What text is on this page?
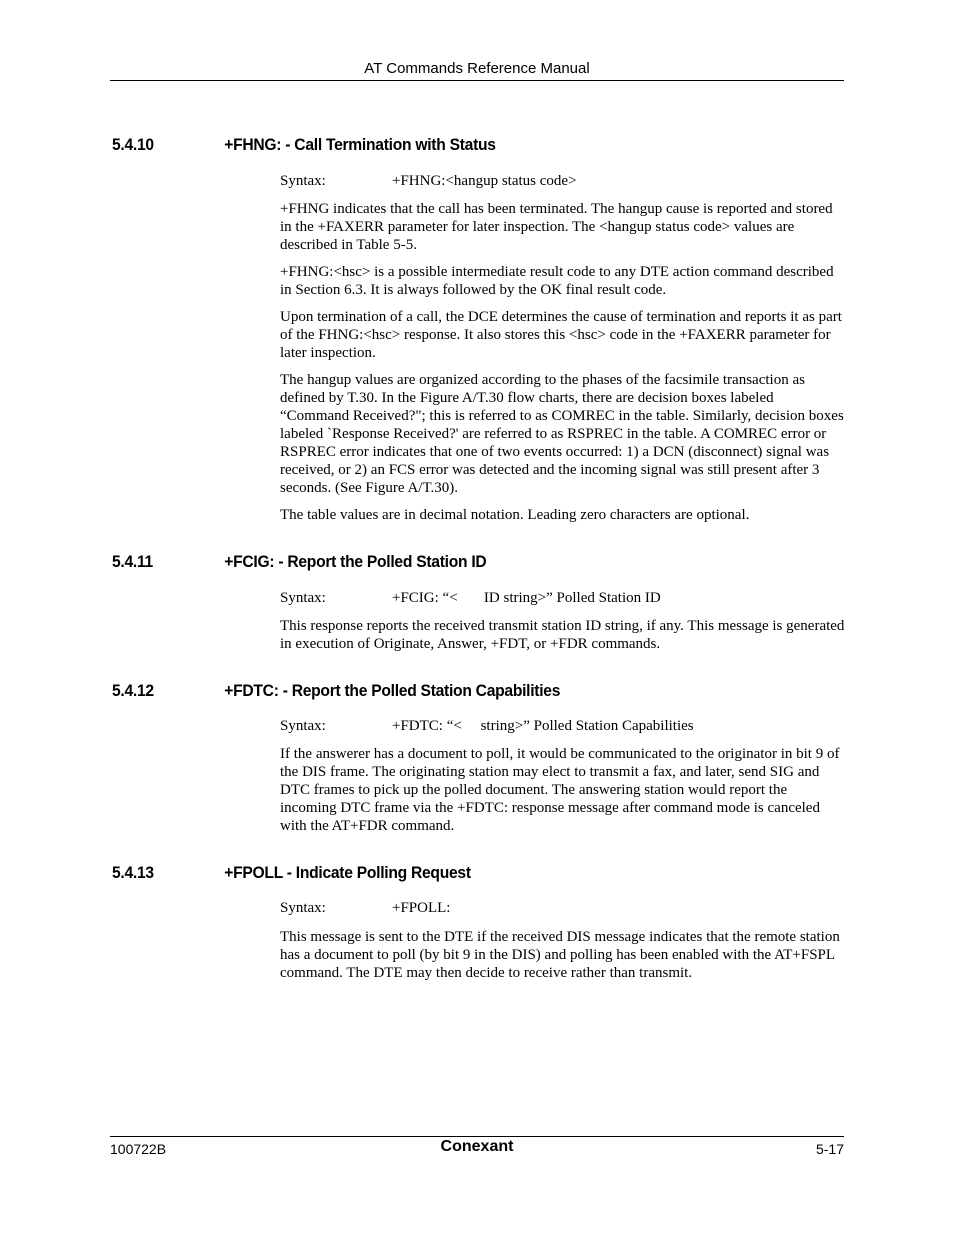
AT Commands Reference Manual
5.4.10	+FHNG: - Call Termination with Status
Syntax:	+FHNG:<hangup status code>
+FHNG indicates that the call has been terminated. The hangup cause is reported and stored in the +FAXERR parameter for later inspection. The <hangup status code> values are described in Table 5-5.
+FHNG:<hsc> is a possible intermediate result code to any DTE action command described in Section 6.3. It is always followed by the OK final result code.
Upon termination of a call, the DCE determines the cause of termination and reports it as part of the FHNG:<hsc> response. It also stores this <hsc> code in the +FAXERR parameter for later inspection.
The hangup values are organized according to the phases of the facsimile transaction as defined by T.30. In the Figure A/T.30 flow charts, there are decision boxes labeled “Command Received?"; this is referred to as COMREC in the table. Similarly, decision boxes labeled `Response Received?' are referred to as RSPREC in the table. A COMREC error or RSPREC error indicates that one of two events occurred: 1) a DCN (disconnect) signal was received, or 2) an FCS error was detected and the incoming signal was still present after 3 seconds. (See Figure A/T.30).
The table values are in decimal notation. Leading zero characters are optional.
5.4.11	+FCIG: - Report the Polled Station ID
Syntax:	+FCIG: “<       ID string>” Polled Station ID
This response reports the received transmit station ID string, if any. This message is generated in execution of Originate, Answer, +FDT, or +FDR commands.
5.4.12	+FDTC: - Report the Polled Station Capabilities
Syntax:	+FDTC: “<     string>” Polled Station Capabilities
If the answerer has a document to poll, it would be communicated to the originator in bit 9 of the DIS frame. The originating station may elect to transmit a fax, and later, send SIG and DTC frames to pick up the polled document. The answering station would report the incoming DTC frame via the +FDTC: response message after command mode is canceled with the AT+FDR command.
5.4.13	+FPOLL - Indicate Polling Request
Syntax:	+FPOLL:
This message is sent to the DTE if the received DIS message indicates that the remote station has a document to poll (by bit 9 in the DIS) and polling has been enabled with the AT+FSPL command. The DTE may then decide to receive rather than transmit.
100722B	Conexant	5-17
